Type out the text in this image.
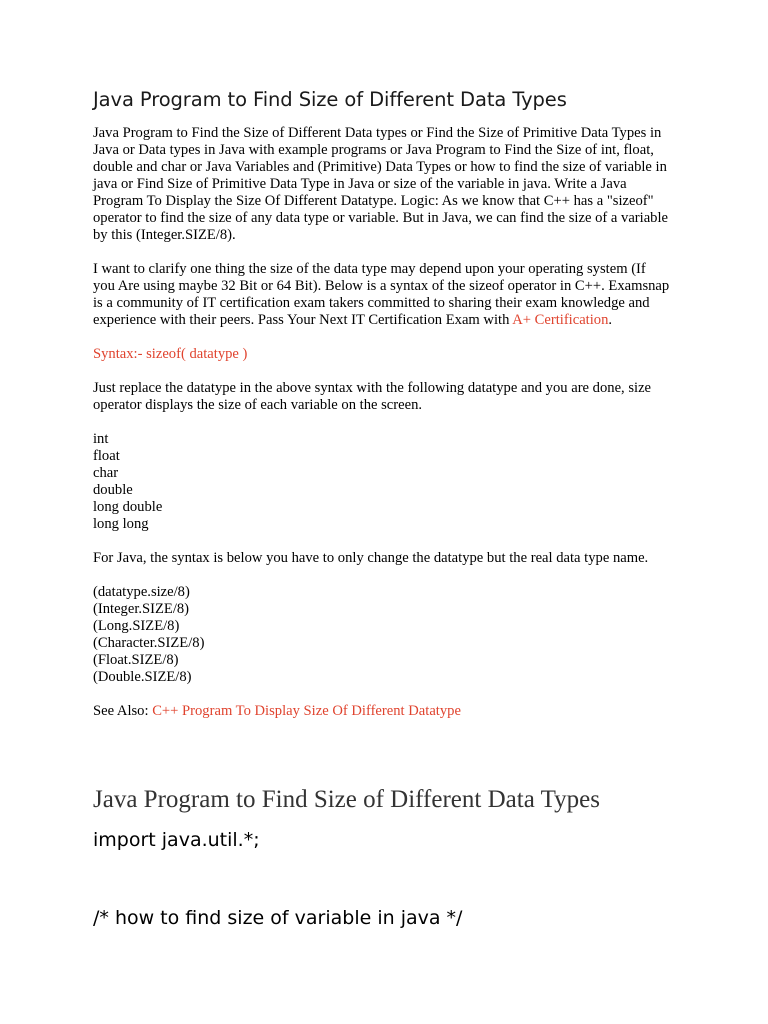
Java Program to Find Size of Different Data Types

Java Program to Find the Size of Different Data types or Find the Size of Primitive Data Types in Java or Data types in Java with example programs or Java Program to Find the Size of int, float, double and char or Java Variables and (Primitive) Data Types or how to find the size of variable in java or Find Size of Primitive Data Type in Java or size of the variable in java. Write a Java Program To Display the Size Of Different Datatype. Logic: As we know that C++ has a "sizeof" operator to find the size of any data type or variable. But in Java, we can find the size of a variable by this (Integer.SIZE/8).

I want to clarify one thing the size of the data type may depend upon your operating system (If you Are using maybe 32 Bit or 64 Bit). Below is a syntax of the sizeof operator in C++. Examsnap is a community of IT certification exam takers committed to sharing their exam knowledge and experience with their peers. Pass Your Next IT Certification Exam with A+ Certification.

Syntax:- sizeof( datatype )

Just replace the datatype in the above syntax with the following datatype and you are done, size operator displays the size of each variable on the screen.

int
float
char
double
long double
long long

For Java, the syntax is below you have to only change the datatype but the real data type name.

(datatype.size/8)
(Integer.SIZE/8)
(Long.SIZE/8)
(Character.SIZE/8)
(Float.SIZE/8)
(Double.SIZE/8)

See Also: C++ Program To Display Size Of Different Datatype

Java Program to Find Size of Different Data Types
import java.util.*;
/* how to find size of variable in java */
